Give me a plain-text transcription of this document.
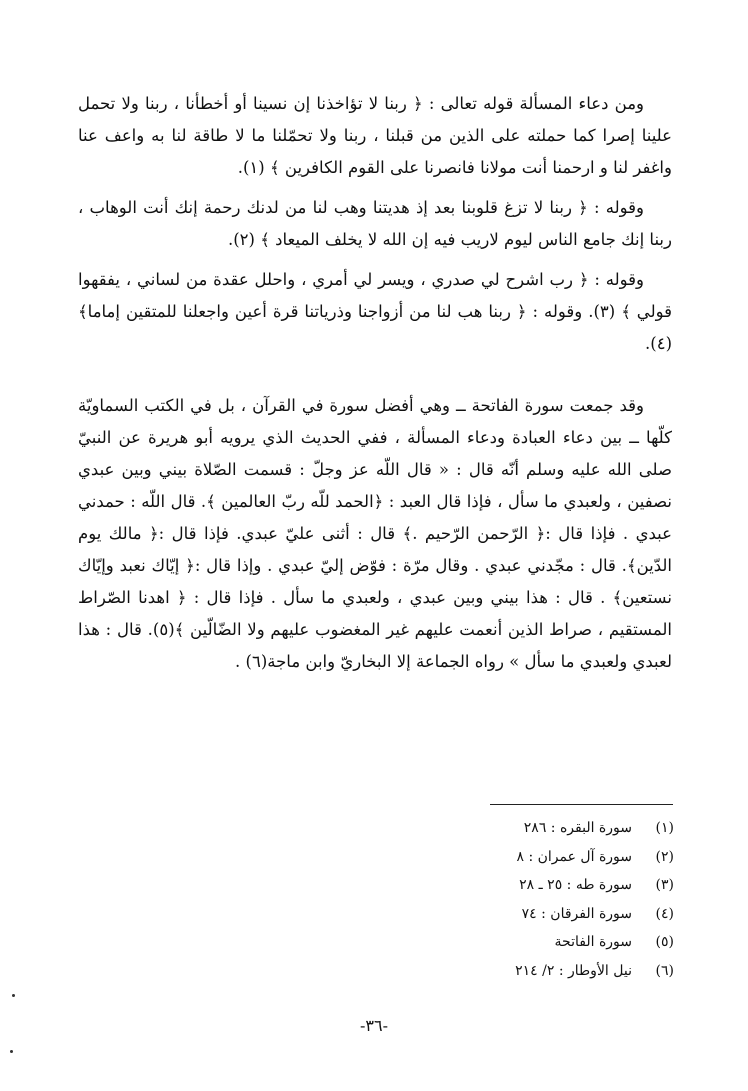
ومن دعاء المسألة قوله تعالى : ﴿ ربنا لا تؤاخذنا إن نسينا أو أخطأنا ، ربنا ولا تحمل علينا إصرا كما حملته على الذين من قبلنا ، ربنا ولا تحمّلنا ما لا طاقة لنا به واعف عنا واغفر لنا و ارحمنا أنت مولانا فانصرنا على القوم الكافرين ﴾ (١).

وقوله : ﴿ ربنا لا تزغ قلوبنا بعد إذ هديتنا وهب لنا من لدنك رحمة إنك أنت الوهاب ، ربنا إنك جامع الناس ليوم لاريب فيه إن الله لا يخلف الميعاد ﴾ (٢).

وقوله : ﴿ رب اشرح لي صدري ، ويسر لي أمري ، واحلل عقدة من لساني ، يفقهوا قولي ﴾ (٣). وقوله : ﴿ ربنا هب لنا من أزواجنا وذرياتنا قرة أعين واجعلنا للمتقين إماما﴾ (٤).

وقد جمعت سورة الفاتحة ــ وهي أفضل سورة في القرآن ، بل في الكتب السماويّة كلّها ــ بين دعاء العبادة ودعاء المسألة ، ففي الحديث الذي يرويه أبو هريرة عن النبيّ صلى الله عليه وسلم أنّه قال : « قال اللّه عز وجلّ : قسمت الصّلاة بيني وبين عبدي نصفين ، ولعبدي ما سأل ، فإذا قال العبد : ﴿الحمد للّه ربّ العالمين ﴾. قال اللّه : حمدني عبدي . فإذا قال :﴿ الرّحمن الرّحيم .﴾ قال : أثنى عليّ عبدي. فإذا قال :﴿ مالك يوم الدّين﴾. قال : مجّدني عبدي . وقال مرّة : فوّض إليّ عبدي . وإذا قال :﴿ إيّاك نعبد وإيّاك نستعين﴾ . قال : هذا بيني وبين عبدي ، ولعبدي ما سأل . فإذا قال : ﴿ اهدنا الصّراط المستقيم ، صراط الذين أنعمت عليهم غير المغضوب عليهم ولا الضّالّين ﴾(٥). قال : هذا لعبدي ولعبدي ما سأل » رواه الجماعة إلا البخاريّ وابن ماجة(٦) .

(١)
سورة البقره : ٢٨٦
(٢)
سورة آل عمران : ٨
(٣)
سورة طه : ٢٥ ـ ٢٨
(٤)
سورة الفرقان : ٧٤
(٥)
سورة الفاتحة
(٦)
نيل الأوطار : ٢/ ٢١٤
-٣٦-
